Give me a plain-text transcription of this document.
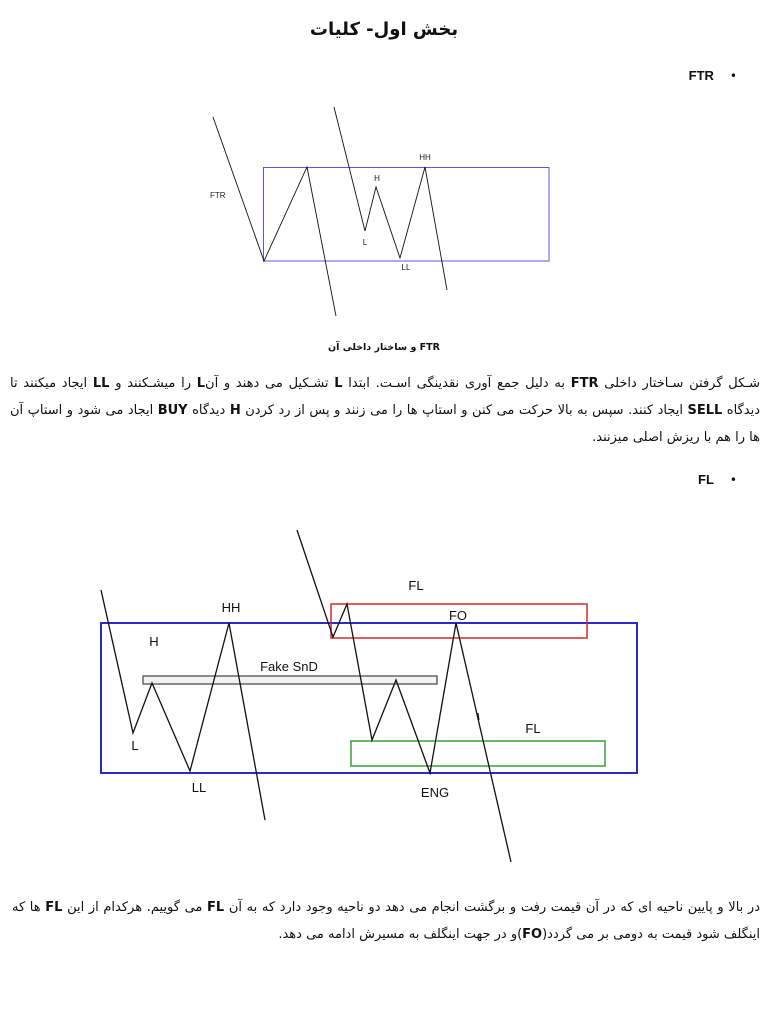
بخش اول- کلیات
•
FTR
FTR
H
HH
L
LL
FTR و ساختار داخلی آن
شـکل گرفتن سـاختار داخلی FTR به دلیل جمع آوری نقدینگی اسـت. ابتدا L تشـکیل می دهند و آنL را میشـکنند و LL ایجاد میکنند تا
دیدگاه SELL ایجاد کنند. سپس به بالا حرکت می کنن و استاپ ها را می زنند و پس از رد کردن H دیدگاه BUY ایجاد می شود و استاپ آن
ها را هم با ریزش اصلی میزنند.
•
FL
H
HH
L
LL
Fake SnD
FL
FO
FL
ENG
در بالا و پایین ناحیه ای که در آن قیمت رفت و برگشت انجام می دهد دو ناحیه وجود دارد که به آن FL می گوییم. هرکدام از این FL ها که
اینگلف شود قیمت به دومی بر می گردد(FO)و در جهت اینگلف به مسیرش ادامه می دهد.
